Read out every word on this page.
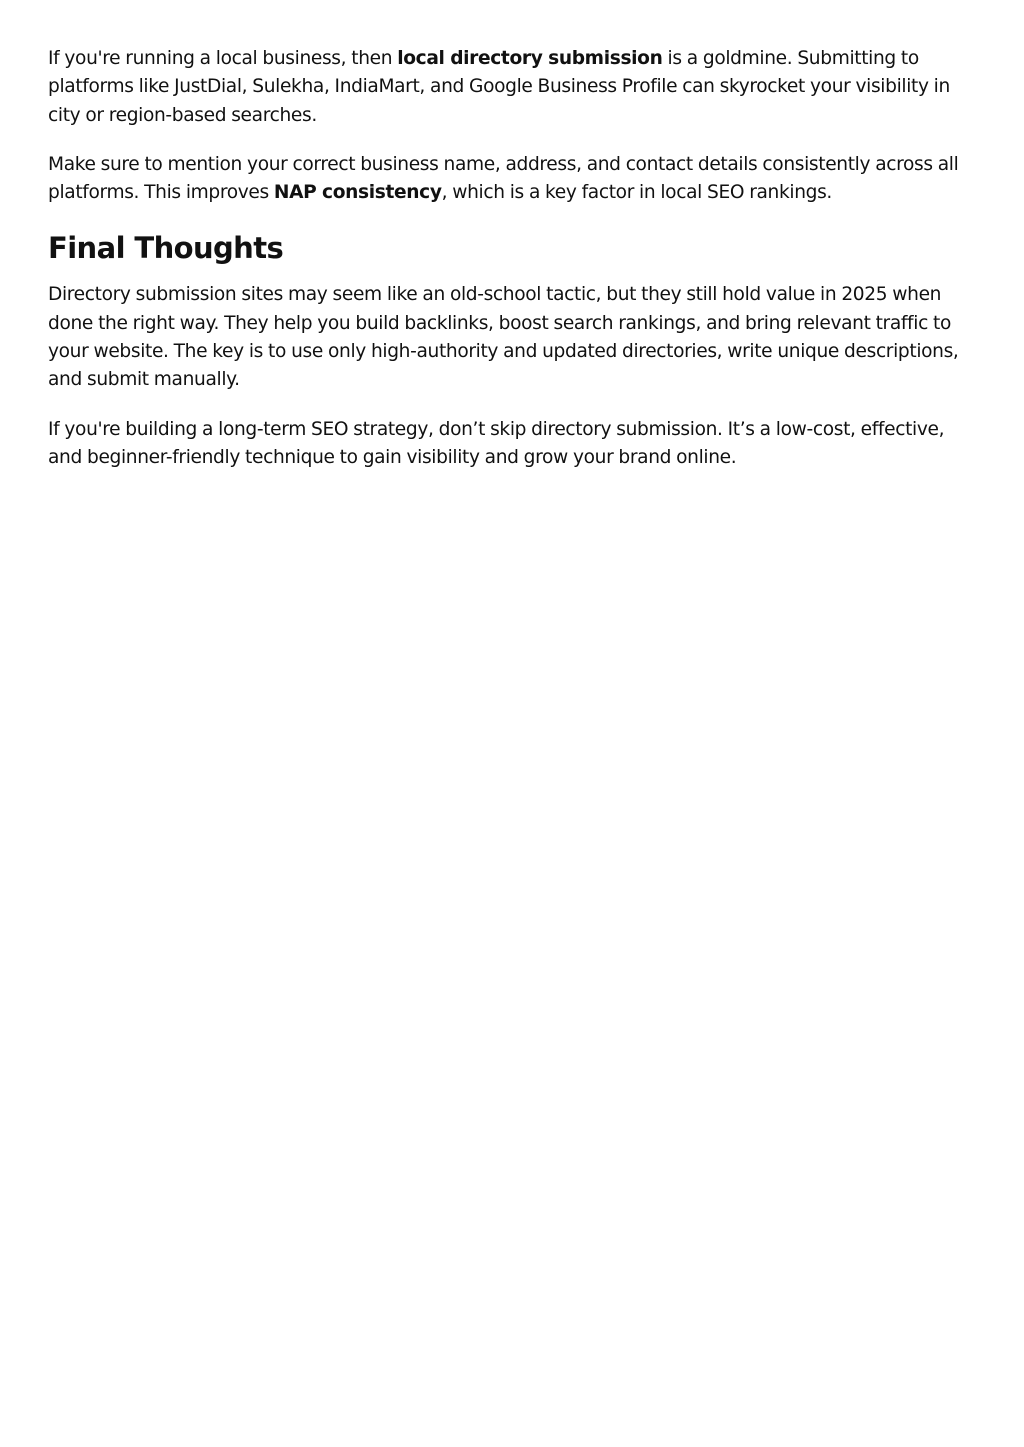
If you're running a local business, then local directory submission is a goldmine. Submitting to platforms like JustDial, Sulekha, IndiaMart, and Google Business Profile can skyrocket your visibility in city or region-based searches.

Make sure to mention your correct business name, address, and contact details consistently across all platforms. This improves NAP consistency, which is a key factor in local SEO rankings.

Final Thoughts

Directory submission sites may seem like an old-school tactic, but they still hold value in 2025 when done the right way. They help you build backlinks, boost search rankings, and bring relevant traffic to your website. The key is to use only high-authority and updated directories, write unique descriptions, and submit manually.

If you're building a long-term SEO strategy, don’t skip directory submission. It’s a low-cost, effective, and beginner-friendly technique to gain visibility and grow your brand online.
